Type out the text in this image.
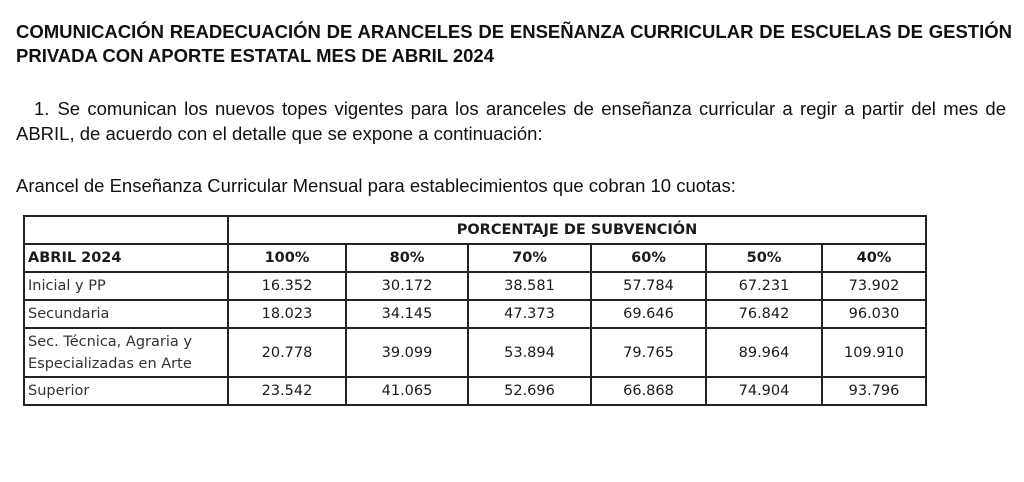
COMUNICACIÓN READECUACIÓN DE ARANCELES DE ENSEÑANZA CURRICULAR DE ESCUELAS DE GESTIÓN PRIVADA CON APORTE ESTATAL MES DE ABRIL 2024
1. Se comunican los nuevos topes vigentes para los aranceles de enseñanza curricular a regir a partir del mes de ABRIL, de acuerdo con el detalle que se expone a continuación:
Arancel de Enseñanza Curricular Mensual para establecimientos que cobran 10 cuotas:
	PORCENTAJE DE SUBVENCIÓN					
ABRIL 2024	100%	80%	70%	60%	50%	40%
Inicial y PP	16.352	30.172	38.581	57.784	67.231	73.902
Secundaria	18.023	34.145	47.373	69.646	76.842	96.030
Sec. Técnica, Agraria y
Especializadas en Arte	20.778	39.099	53.894	79.765	89.964	109.910
Superior	23.542	41.065	52.696	66.868	74.904	93.796
